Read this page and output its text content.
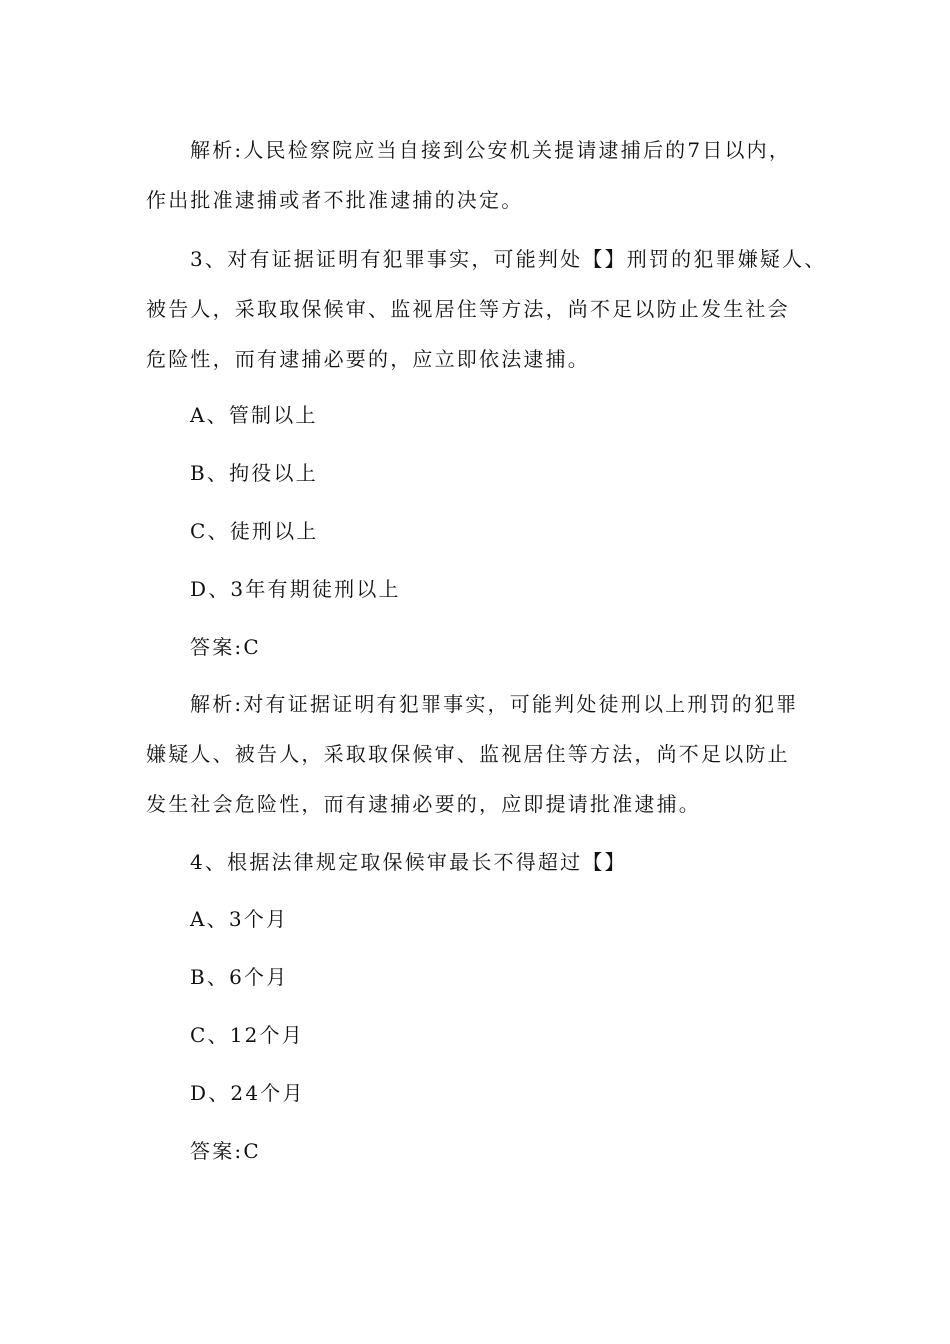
解析:人民检察院应当自接到公安机关提请逮捕后的7日以内，
作出批准逮捕或者不批准逮捕的决定。
3、对有证据证明有犯罪事实，可能判处【】刑罚的犯罪嫌疑人、
被告人，采取取保候审、监视居住等方法，尚不足以防止发生社会
危险性，而有逮捕必要的，应立即依法逮捕。
A、管制以上
B、拘役以上
C、徒刑以上
D、3年有期徒刑以上
答案:C
解析:对有证据证明有犯罪事实，可能判处徒刑以上刑罚的犯罪
嫌疑人、被告人，采取取保候审、监视居住等方法，尚不足以防止
发生社会危险性，而有逮捕必要的，应即提请批准逮捕。
4、根据法律规定取保候审最长不得超过【】
A、3个月
B、6个月
C、12个月
D、24个月
答案:C
